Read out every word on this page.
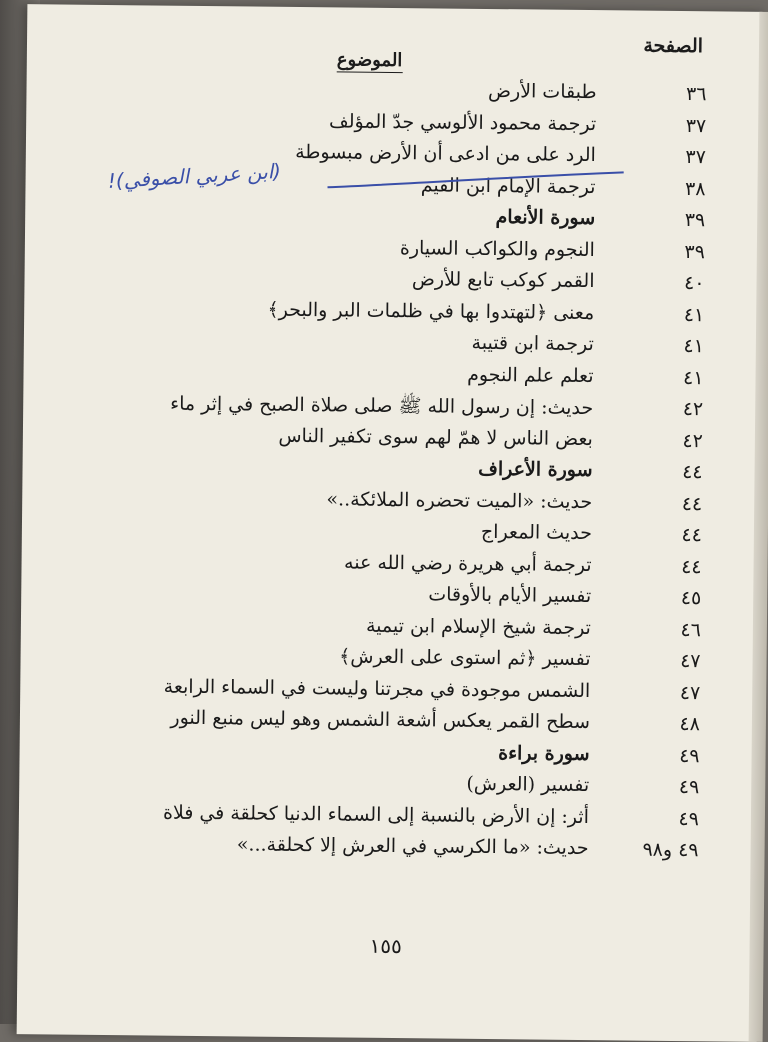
الصفحة
الموضوع
٣٦
طبقات الأرض
٣٧
ترجمة محمود الألوسي جدّ المؤلف
٣٧
الرد على من ادعى أن الأرض مبسوطة
٣٨
ترجمة الإمام ابن القيم
٣٩
سورة الأنعام
٣٩
النجوم والكواكب السيارة
٤٠
القمر كوكب تابع للأرض
٤١
معنى ﴿لتهتدوا بها في ظلمات البر والبحر﴾
٤١
ترجمة ابن قتيبة
٤١
تعلم علم النجوم
٤٢
حديث: إن رسول الله ﷺ صلى صلاة الصبح في إثر ماء
٤٢
بعض الناس لا همّ لهم سوى تكفير الناس
٤٤
سورة الأعراف
٤٤
حديث: «الميت تحضره الملائكة..»
٤٤
حديث المعراج
٤٤
ترجمة أبي هريرة رضي الله عنه
٤٥
تفسير الأيام بالأوقات
٤٦
ترجمة شيخ الإسلام ابن تيمية
٤٧
تفسير ﴿ثم استوى على العرش﴾
٤٧
الشمس موجودة في مجرتنا وليست في السماء الرابعة
٤٨
سطح القمر يعكس أشعة الشمس وهو ليس منبع النور
٤٩
سورة براءة
٤٩
تفسير (العرش)
٤٩
أثر: إن الأرض بالنسبة إلى السماء الدنيا كحلقة في فلاة
٤٩ و٩٨
حديث: «ما الكرسي في العرش إلا كحلقة...»
(ابن عربي الصوفي)!
١٥٥
